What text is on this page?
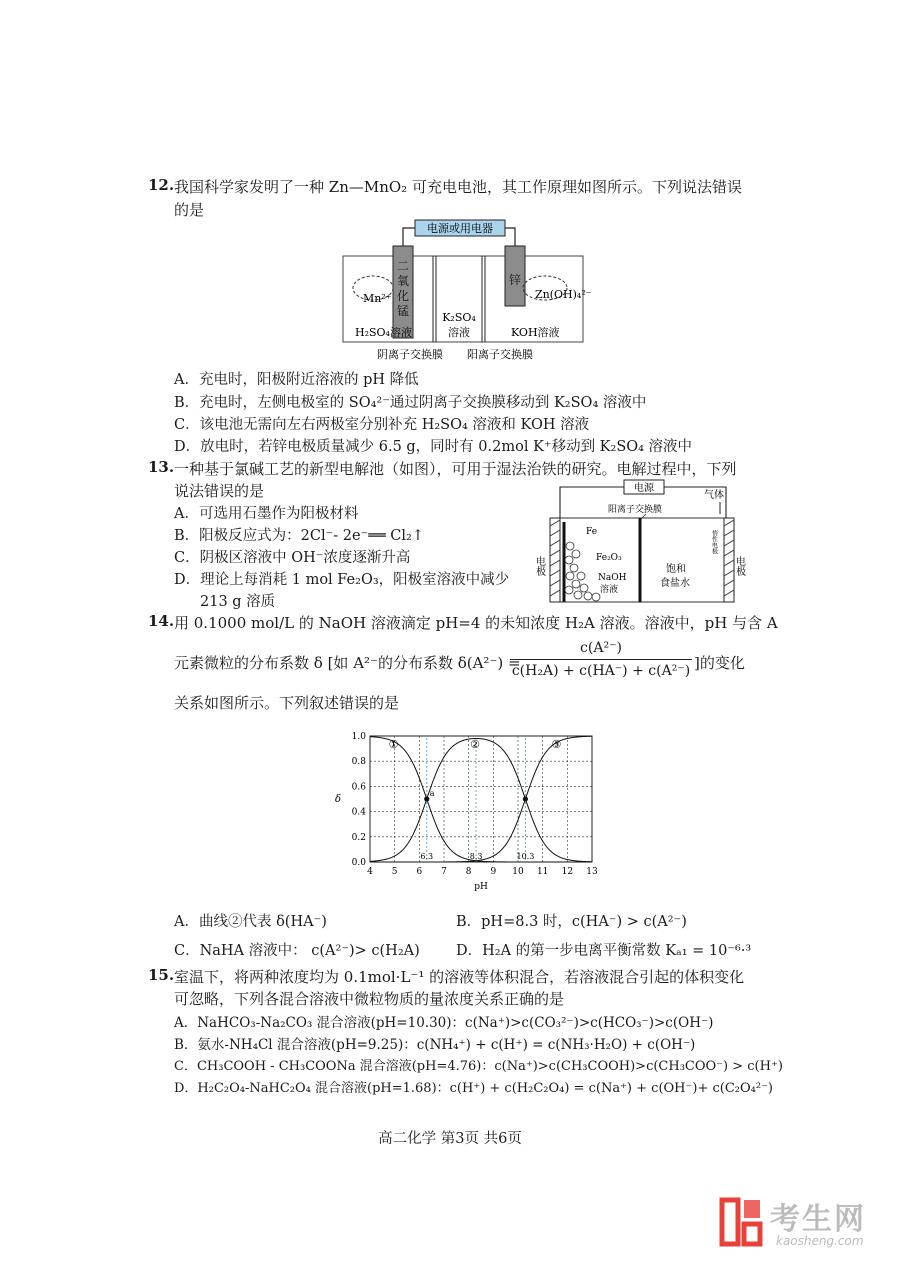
12. 我国科学家发明了一种 Zn—MnO₂ 可充电电池，其工作原理如图所示。下列说法错误
的是
电源或用电器
二氧化锰
锌
Mn²⁺	Zn(OH)₄²⁻
H₂SO₄溶液
K₂SO₄
溶液	KOH溶液
阴离子交换膜 阳离子交换膜
A．充电时，阳极附近溶液的 pH 降低
B．充电时，左侧电极室的 SO₄²⁻通过阴离子交换膜移动到 K₂SO₄ 溶液中
C．该电池无需向左右两极室分别补充 H₂SO₄ 溶液和 KOH 溶液
D．放电时，若锌电极质量减少 6.5 g，同时有 0.2mol K⁺移动到 K₂SO₄ 溶液中
13. 一种基于氯碱工艺的新型电解池（如图），可用于湿法治铁的研究。电解过程中，下列
说法错误的是
A．可选用石墨作为阳极材料
B．阳极反应式为：2Cl⁻- 2e⁻══ Cl₂↑
C．阴极区溶液中 OH⁻浓度逐渐升高
D．理论上每消耗 1 mol Fe₂O₃，阳极室溶液中减少
213 g 溶质
电源
气体
阳离子交换膜
Fe
Fe₂O₃
NaOH
溶液
饱和
食盐水
惰性电极
电极	电极
14. 用 0.1000 mol/L 的 NaOH 溶液滴定 pH=4 的未知浓度 H₂A 溶液。溶液中，pH 与含 A
元素微粒的分布系数 δ [如 A²⁻的分布系数 δ(A²⁻) =
c(A²⁻)
c(H₂A) + c(HA⁻) + c(A²⁻) ]的变化
关系如图所示。下列叙述错误的是
4 5 6 7 8 9 10 11 12 13
0.0
0.2
0.4
0.6
0.8
1.0
①	②	③
6.3	8.3	10.3
a
pH
δ
A．曲线②代表 δ(HA⁻)	B．pH=8.3 时，c(HA⁻) > c(A²⁻)
C．NaHA 溶液中： c(A²⁻)> c(H₂A) D．H₂A 的第一步电离平衡常数 Kₐ₁ = 10⁻⁶·³
15. 室温下，将两种浓度均为 0.1mol·L⁻¹ 的溶液等体积混合，若溶液混合引起的体积变化
可忽略，下列各混合溶液中微粒物质的量浓度关系正确的是
A．NaHCO₃-Na₂CO₃ 混合溶液(pH=10.30)：c(Na⁺)>c(CO₃²⁻)>c(HCO₃⁻)>c(OH⁻)
B．氨水-NH₄Cl 混合溶液(pH=9.25)：c(NH₄⁺) + c(H⁺) = c(NH₃·H₂O) + c(OH⁻)
C．CH₃COOH - CH₃COONa 混合溶液(pH=4.76)：c(Na⁺)>c(CH₃COOH)>c(CH₃COO⁻) > c(H⁺)
D．H₂C₂O₄-NaHC₂O₄ 混合溶液(pH=1.68)：c(H⁺) + c(H₂C₂O₄) = c(Na⁺) + c(OH⁻)+ c(C₂O₄²⁻)
高二化学 第3页 共6页
考生网
kaosheng.com
